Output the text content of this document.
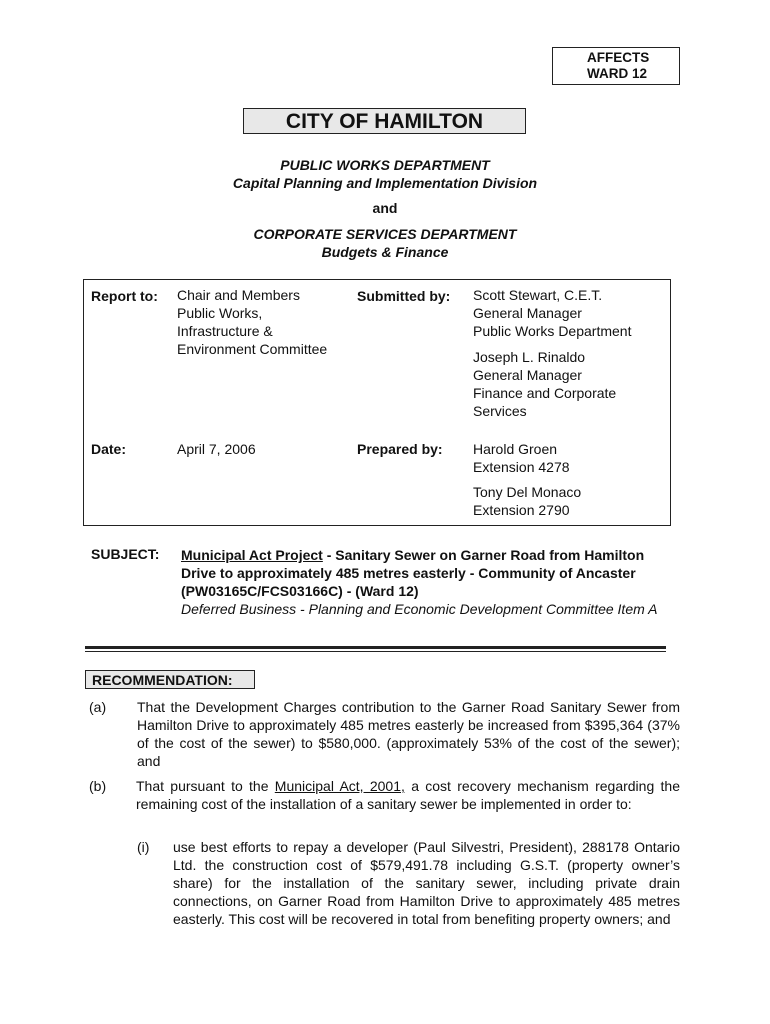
AFFECTS
WARD 12
CITY OF HAMILTON
PUBLIC WORKS DEPARTMENT
Capital Planning and Implementation Division
and
CORPORATE SERVICES DEPARTMENT
Budgets & Finance
Report to: Chair and Members
Public Works,
Infrastructure &
Environment Committee
Submitted by: Scott Stewart, C.E.T.
General Manager
Public Works Department
Joseph L. Rinaldo
General Manager
Finance and Corporate
Services
Date:	April 7, 2006	Prepared by: Harold Groen
Extension 4278
Tony Del Monaco
Extension 2790
SUBJECT: Municipal Act Project - Sanitary Sewer on Garner Road from Hamilton Drive to approximately 485 metres easterly - Community of Ancaster (PW03165C/FCS03166C) - (Ward 12)
Deferred Business - Planning and Economic Development Committee Item A
RECOMMENDATION:
(a) That the Development Charges contribution to the Garner Road Sanitary Sewer from Hamilton Drive to approximately 485 metres easterly be increased from $395,364 (37% of the cost of the sewer) to $580,000. (approximately 53% of the cost of the sewer); and
(b) That pursuant to the Municipal Act, 2001, a cost recovery mechanism regarding the remaining cost of the installation of a sanitary sewer be implemented in order to:
(i) use best efforts to repay a developer (Paul Silvestri, President), 288178 Ontario Ltd. the construction cost of $579,491.78 including G.S.T. (property owner’s share) for the installation of the sanitary sewer, including private drain connections, on Garner Road from Hamilton Drive to approximately 485 metres easterly. This cost will be recovered in total from benefiting property owners; and
